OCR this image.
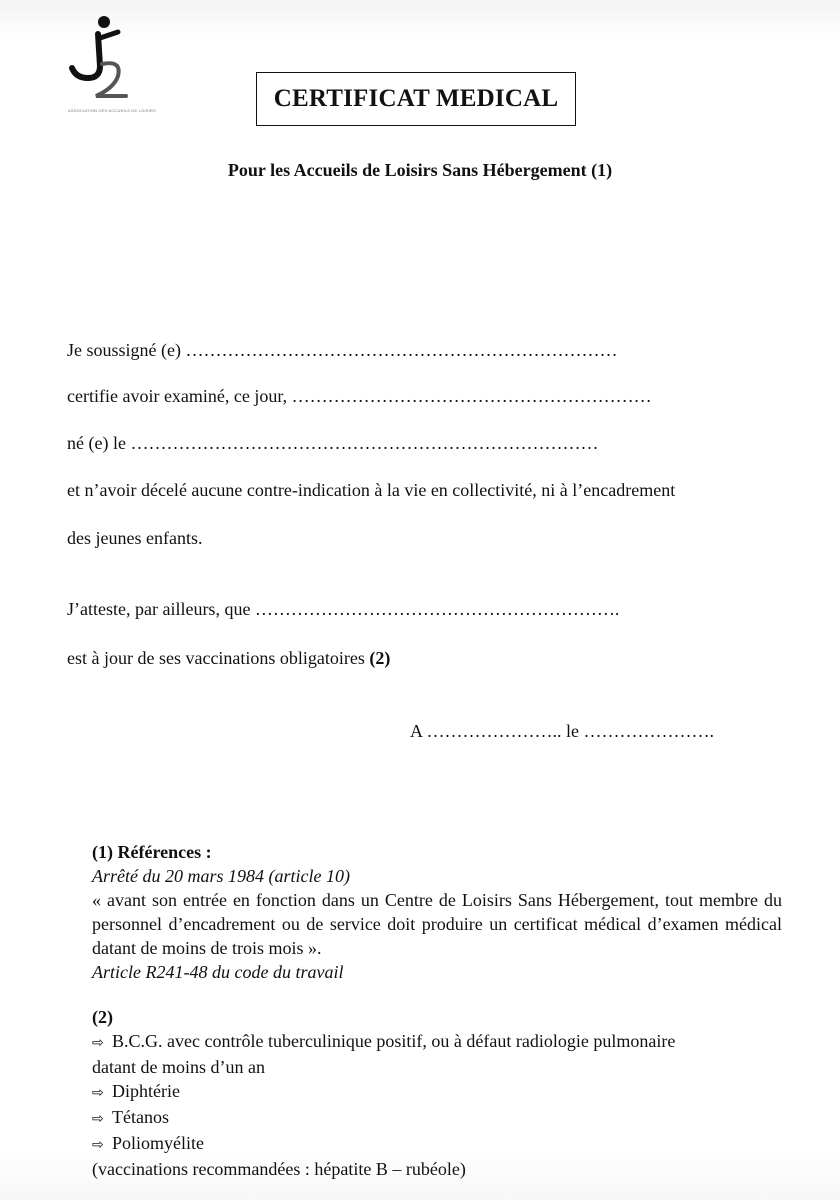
ASSOCIATION DES ACCUEILS DE LOISIRS	CERTIFICAT MEDICAL
Pour les Accueils de Loisirs Sans Hébergement (1)
Je soussigné (e) ………………………………………………………………
certifie avoir examiné, ce jour, ……………………………………………………
né (e) le ……………………………………………………………………
et n’avoir décelé aucune contre-indication à la vie en collectivité, ni à l’encadrement
des jeunes enfants.
J’atteste, par ailleurs, que …………………………………………………….
est à jour de ses vaccinations obligatoires (2)
A ………………….. le ………………….

(1) Références :

Arrêté du 20 mars 1984 (article 10)

« avant son entrée en fonction dans un Centre de Loisirs Sans Hébergement, tout membre du personnel d’encadrement ou de service doit produire un certificat médical d’examen médical datant de moins de trois mois ».

Article R241-48 du code du travail

(2)

⇨ B.C.G. avec contrôle tuberculinique positif, ou à défaut radiologie pulmonaire

datant de moins d’un an

⇨ Diphtérie

⇨ Tétanos

⇨ Poliomyélite

(vaccinations recommandées : hépatite B – rubéole)
